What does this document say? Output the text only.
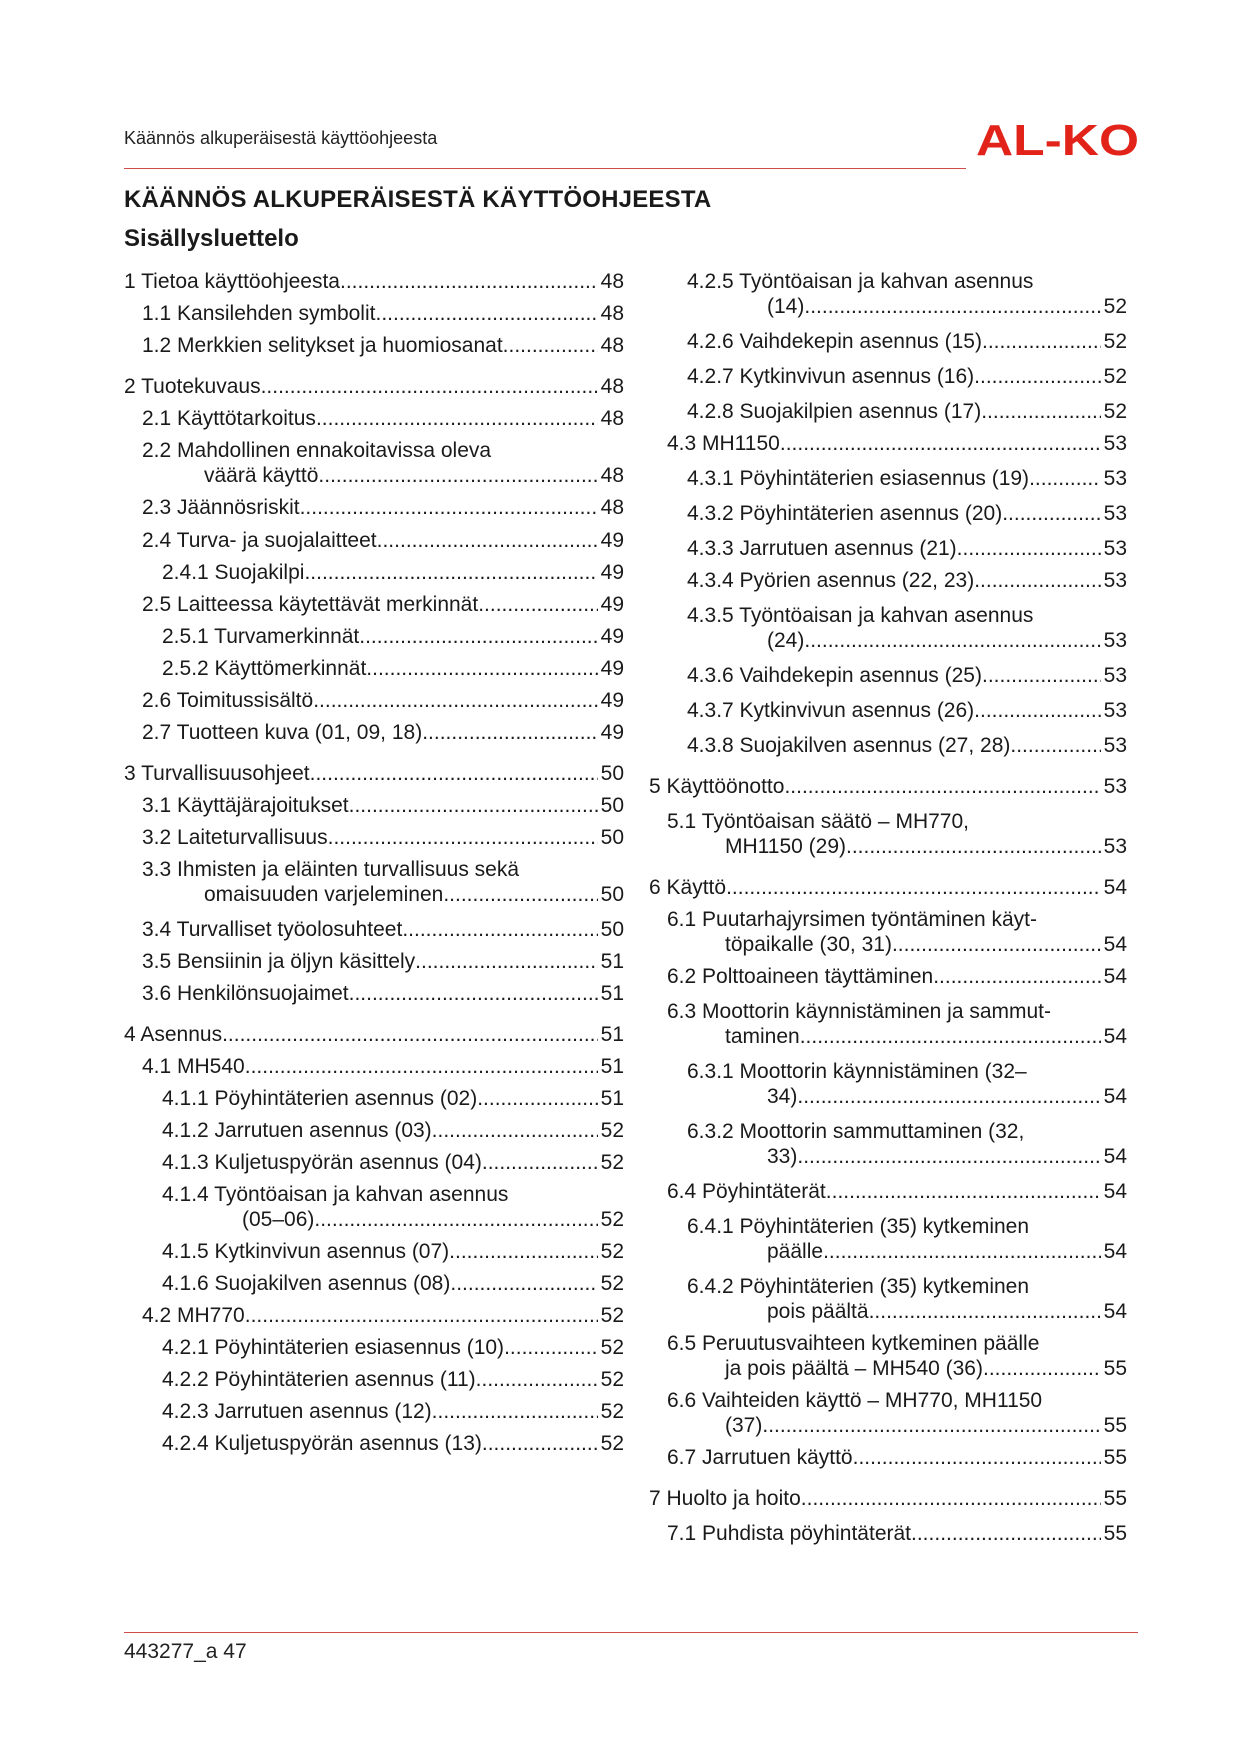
Käännös alkuperäisestä käyttöohjeesta	AL-KO
KÄÄNNÖS ALKUPERÄISESTÄ KÄYTTÖOHJEESTA
Sisällysluettelo
1 Tietoa käyttöohjeesta .....	48
1.1 Kansilehden symbolit .....	48
1.2 Merkkien selitykset ja huomiosanat .....	48
2 Tuotekuvaus .....	48
2.1 Käyttötarkoitus .....	48
2.2 Mahdollinen ennakoitavissa oleva
väärä käyttö .....	48
2.3 Jäännösriskit .....	48
2.4 Turva- ja suojalaitteet .....	49
2.4.1 Suojakilpi .....	49
2.5 Laitteessa käytettävät merkinnät .....	49
2.5.1 Turvamerkinnät .....	49
2.5.2 Käyttömerkinnät .....	49
2.6 Toimitussisältö .....	49
2.7 Tuotteen kuva (01, 09, 18) .....	49
3 Turvallisuusohjeet .....	50
3.1 Käyttäjärajoitukset .....	50
3.2 Laiteturvallisuus .....	50
3.3 Ihmisten ja eläinten turvallisuus sekä
omaisuuden varjeleminen .....	50
3.4 Turvalliset työolosuhteet .....	50
3.5 Bensiinin ja öljyn käsittely .....	51
3.6 Henkilönsuojaimet .....	51
4 Asennus .....	51
4.1 MH540 .....	51
4.1.1 Pöyhintäterien asennus (02) .....	51
4.1.2 Jarrutuen asennus (03) .....	52
4.1.3 Kuljetuspyörän asennus (04) .....	52
4.1.4 Työntöaisan ja kahvan asennus
(05–06) .....	52
4.1.5 Kytkinvivun asennus (07) .....	52
4.1.6 Suojakilven asennus (08) .....	52
4.2 MH770 .....	52
4.2.1 Pöyhintäterien esiasennus (10) .....	52
4.2.2 Pöyhintäterien asennus (11) .....	52
4.2.3 Jarrutuen asennus (12) .....	52
4.2.4 Kuljetuspyörän asennus (13) .....	52
4.2.5 Työntöaisan ja kahvan asennus
(14) .....	52
4.2.6 Vaihdekepin asennus (15) .....	52
4.2.7 Kytkinvivun asennus (16) .....	52
4.2.8 Suojakilpien asennus (17) .....	52
4.3 MH1150 .....	53
4.3.1 Pöyhintäterien esiasennus (19) .....	53
4.3.2 Pöyhintäterien asennus (20) .....	53
4.3.3 Jarrutuen asennus (21) .....	53
4.3.4 Pyörien asennus (22, 23) .....	53
4.3.5 Työntöaisan ja kahvan asennus
(24) .....	53
4.3.6 Vaihdekepin asennus (25) .....	53
4.3.7 Kytkinvivun asennus (26) .....	53
4.3.8 Suojakilven asennus (27, 28) .....	53
5 Käyttöönotto .....	53
5.1 Työntöaisan säätö – MH770,
MH1150 (29) .....	53
6 Käyttö .....	54
6.1 Puutarhajyrsimen työntäminen käyt-
töpaikalle (30, 31) .....	54
6.2 Polttoaineen täyttäminen .....	54
6.3 Moottorin käynnistäminen ja sammut-
taminen .....	54
6.3.1 Moottorin käynnistäminen (32–
34) .....	54
6.3.2 Moottorin sammuttaminen (32,
33) .....	54
6.4 Pöyhintäterät .....	54
6.4.1 Pöyhintäterien (35) kytkeminen
päälle .....	54
6.4.2 Pöyhintäterien (35) kytkeminen
pois päältä .....	54
6.5 Peruutusvaihteen kytkeminen päälle
ja pois päältä – MH540 (36) .....	55
6.6 Vaihteiden käyttö – MH770, MH1150
(37) .....	55
6.7 Jarrutuen käyttö .....	55
7 Huolto ja hoito .....	55
7.1 Puhdista pöyhintäterät .....	55
443277_a 47
